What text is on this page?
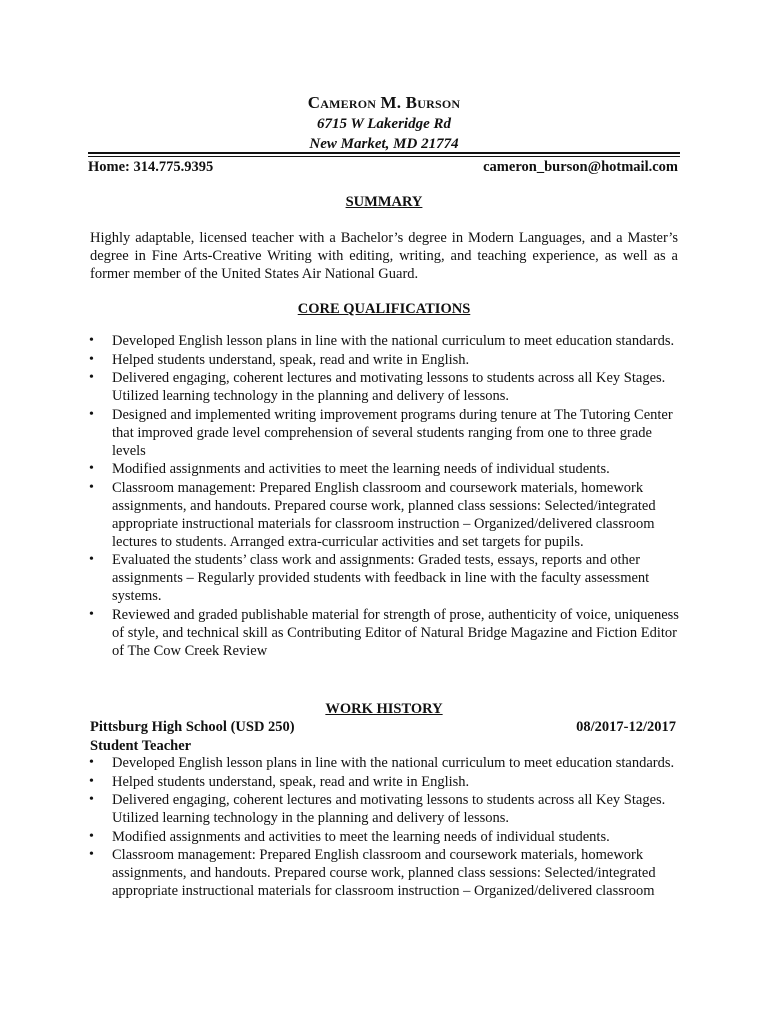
Cameron M. Burson
6715 W Lakeridge Rd
New Market, MD 21774
Home: 314.775.9395	cameron_burson@hotmail.com
SUMMARY
Highly adaptable, licensed teacher with a Bachelor’s degree in Modern Languages, and a Master’s degree in Fine Arts-Creative Writing with editing, writing, and teaching experience, as well as a former member of the United States Air National Guard.
CORE QUALIFICATIONS
• Developed English lesson plans in line with the national curriculum to meet education standards.
• Helped students understand, speak, read and write in English.
• Delivered engaging, coherent lectures and motivating lessons to students across all Key Stages. Utilized learning technology in the planning and delivery of lessons.
• Designed and implemented writing improvement programs during tenure at The Tutoring Center that improved grade level comprehension of several students ranging from one to three grade levels
• Modified assignments and activities to meet the learning needs of individual students.
• Classroom management: Prepared English classroom and coursework materials, homework assignments, and handouts. Prepared course work, planned class sessions: Selected/integrated appropriate instructional materials for classroom instruction – Organized/delivered classroom lectures to students. Arranged extra-curricular activities and set targets for pupils.
• Evaluated the students’ class work and assignments: Graded tests, essays, reports and other assignments – Regularly provided students with feedback in line with the faculty assessment systems.
• Reviewed and graded publishable material for strength of prose, authenticity of voice, uniqueness of style, and technical skill as Contributing Editor of Natural Bridge Magazine and Fiction Editor of The Cow Creek Review
WORK HISTORY
Pittsburg High School (USD 250)	08/2017-12/2017
Student Teacher
• Developed English lesson plans in line with the national curriculum to meet education standards.
• Helped students understand, speak, read and write in English.
• Delivered engaging, coherent lectures and motivating lessons to students across all Key Stages. Utilized learning technology in the planning and delivery of lessons.
• Modified assignments and activities to meet the learning needs of individual students.
• Classroom management: Prepared English classroom and coursework materials, homework assignments, and handouts. Prepared course work, planned class sessions: Selected/integrated appropriate instructional materials for classroom instruction – Organized/delivered classroom
